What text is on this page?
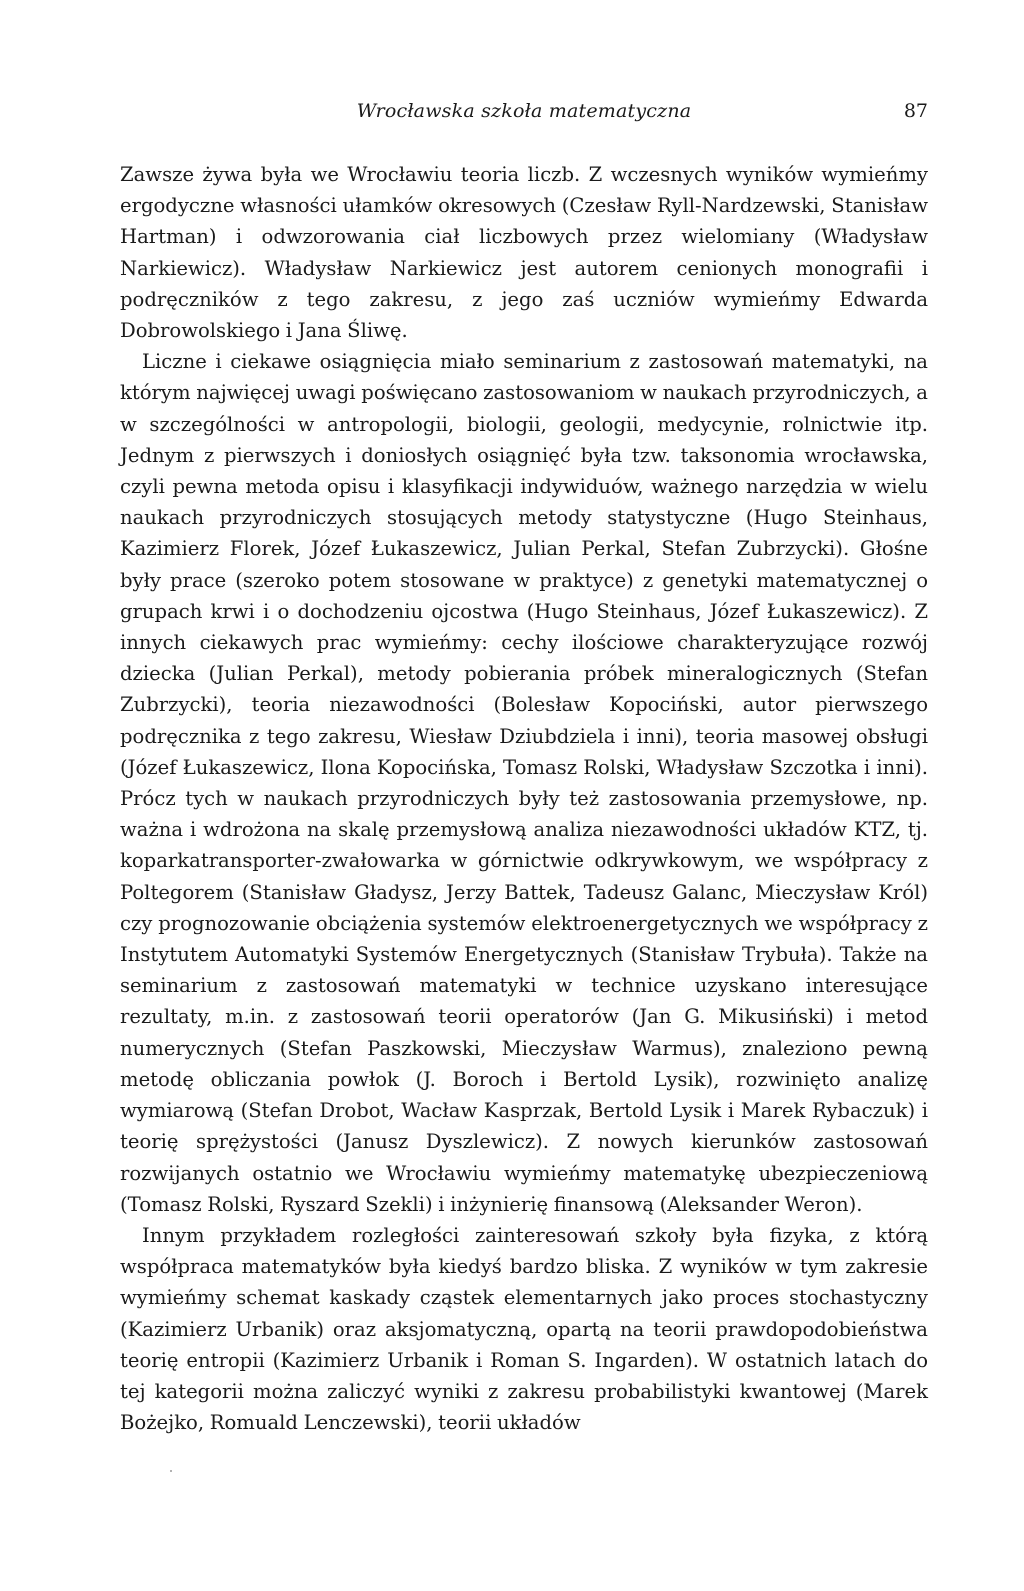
Wrocławska szkoła matematyczna	87

Zawsze żywa była we Wrocławiu teoria liczb. Z wczesnych wyników wymieńmy ergodyczne własności ułamków okresowych (Czesław Ryll-Nardzewski, Stanisław Hartman) i odwzorowania ciał liczbowych przez wielomiany (Władysław Narkiewicz). Władysław Narkiewicz jest autorem cenionych monografii i podręczników z tego zakresu, z jego zaś uczniów wymieńmy Edwarda Dobrowolskiego i Jana Śliwę.

Liczne i ciekawe osiągnięcia miało seminarium z zastosowań matematyki, na którym najwięcej uwagi poświęcano zastosowaniom w naukach przyrodniczych, a w szczególności w antropologii, biologii, geologii, medycynie, rolnictwie itp. Jednym z pierwszych i doniosłych osiągnięć była tzw. taksonomia wrocławska, czyli pewna metoda opisu i klasyfikacji indywiduów, ważnego narzędzia w wielu naukach przyrodniczych stosujących metody statystyczne (Hugo Steinhaus, Kazimierz Florek, Józef Łukaszewicz, Julian Perkal, Stefan Zubrzycki). Głośne były prace (szeroko potem stosowane w praktyce) z genetyki matematycznej o grupach krwi i o dochodzeniu ojcostwa (Hugo Steinhaus, Józef Łukaszewicz). Z innych ciekawych prac wymieńmy: cechy ilościowe charakteryzujące rozwój dziecka (Julian Perkal), metody pobierania próbek mineralogicznych (Stefan Zubrzycki), teoria niezawodności (Bolesław Kopociński, autor pierwszego podręcznika z tego zakresu, Wiesław Dziubdziela i inni), teoria masowej obsługi (Józef Łukaszewicz, Ilona Kopocińska, Tomasz Rolski, Władysław Szczotka i inni). Prócz tych w naukach przyrodniczych były też zastosowania przemysłowe, np. ważna i wdrożona na skalę przemysłową analiza niezawodności układów KTZ, tj. koparkatransporter-zwałowarka w górnictwie odkrywkowym, we współpracy z Poltegorem (Stanisław Gładysz, Jerzy Battek, Tadeusz Galanc, Mieczysław Król) czy prognozowanie obciążenia systemów elektroenergetycznych we współpracy z Instytutem Automatyki Systemów Energetycznych (Stanisław Trybuła). Także na seminarium z zastosowań matematyki w technice uzyskano interesujące rezultaty, m.in. z zastosowań teorii operatorów (Jan G. Mikusiński) i metod numerycznych (Stefan Paszkowski, Mieczysław Warmus), znaleziono pewną metodę obliczania powłok (J. Boroch i Bertold Lysik), rozwinięto analizę wymiarową (Stefan Drobot, Wacław Kasprzak, Bertold Lysik i Marek Rybaczuk) i teorię sprężystości (Janusz Dyszlewicz). Z nowych kierunków zastosowań rozwijanych ostatnio we Wrocławiu wymieńmy matematykę ubezpieczeniową (Tomasz Rolski, Ryszard Szekli) i inżynierię finansową (Aleksander Weron).

Innym przykładem rozległości zainteresowań szkoły była fizyka, z którą współpraca matematyków była kiedyś bardzo bliska. Z wyników w tym zakresie wymieńmy schemat kaskady cząstek elementarnych jako proces stochastyczny (Kazimierz Urbanik) oraz aksjomatyczną, opartą na teorii prawdopodobieństwa teorię entropii (Kazimierz Urbanik i Roman S. Ingarden). W ostatnich latach do tej kategorii można zaliczyć wyniki z zakresu probabilistyki kwantowej (Marek Bożejko, Romuald Lenczewski), teorii układów
